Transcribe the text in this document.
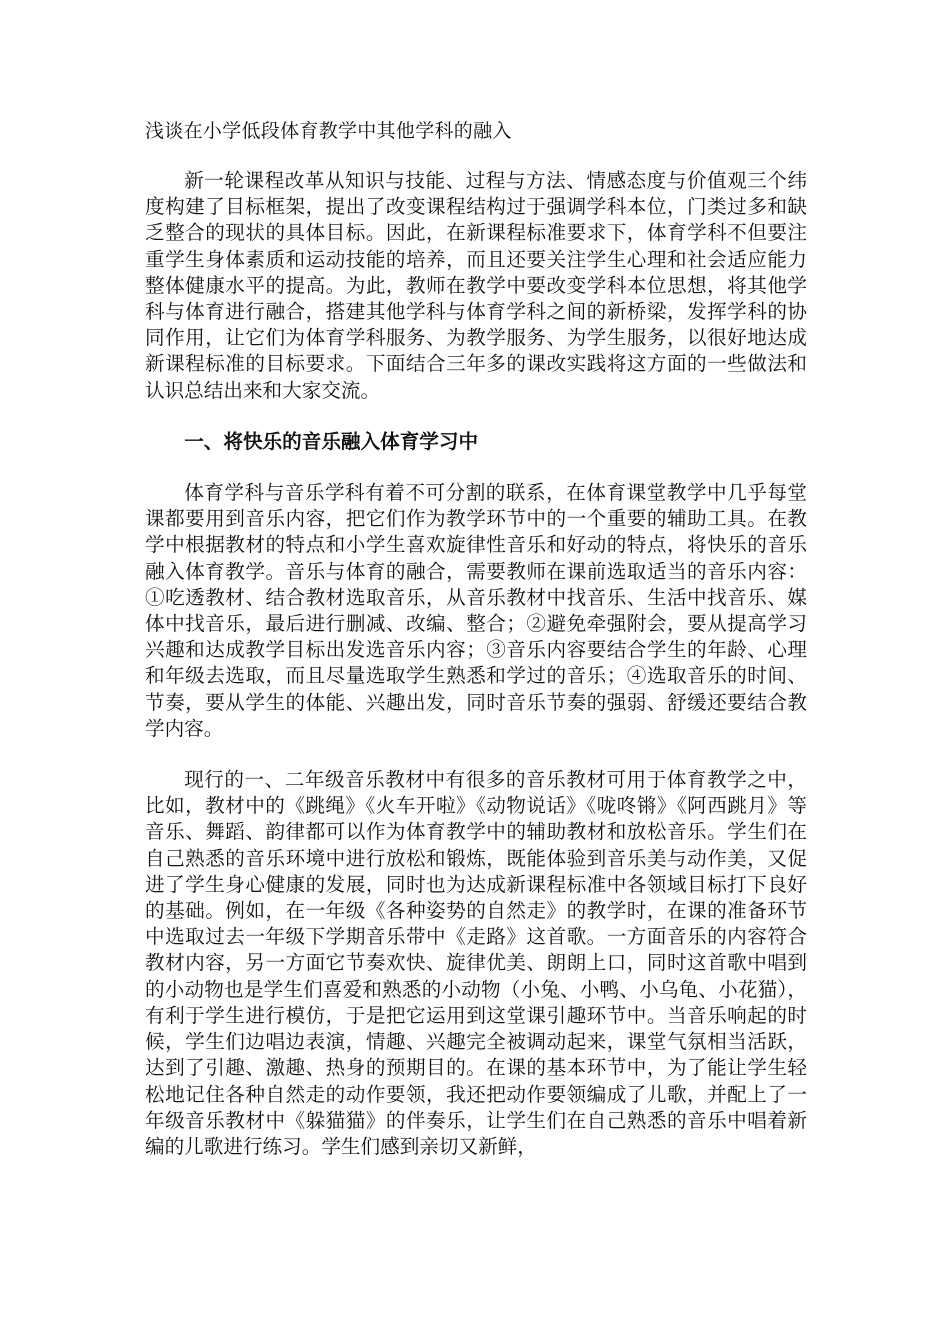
浅谈在小学低段体育教学中其他学科的融入

新一轮课程改革从知识与技能、过程与方法、情感态度与价值观三个纬度构建了目标框架，提出了改变课程结构过于强调学科本位，门类过多和缺乏整合的现状的具体目标。因此，在新课程标准要求下，体育学科不但要注重学生身体素质和运动技能的培养，而且还要关注学生心理和社会适应能力整体健康水平的提高。为此，教师在教学中要改变学科本位思想，将其他学科与体育进行融合，搭建其他学科与体育学科之间的新桥梁，发挥学科的协同作用，让它们为体育学科服务、为教学服务、为学生服务，以很好地达成新课程标准的目标要求。下面结合三年多的课改实践将这方面的一些做法和认识总结出来和大家交流。

一、将快乐的音乐融入体育学习中

体育学科与音乐学科有着不可分割的联系，在体育课堂教学中几乎每堂课都要用到音乐内容，把它们作为教学环节中的一个重要的辅助工具。在教学中根据教材的特点和小学生喜欢旋律性音乐和好动的特点，将快乐的音乐融入体育教学。音乐与体育的融合，需要教师在课前选取适当的音乐内容：①吃透教材、结合教材选取音乐，从音乐教材中找音乐、生活中找音乐、媒体中找音乐，最后进行删减、改编、整合；②避免牵强附会，要从提高学习兴趣和达成教学目标出发选音乐内容；③音乐内容要结合学生的年龄、心理和年级去选取，而且尽量选取学生熟悉和学过的音乐；④选取音乐的时间、节奏，要从学生的体能、兴趣出发，同时音乐节奏的强弱、舒缓还要结合教学内容。

现行的一、二年级音乐教材中有很多的音乐教材可用于体育教学之中，比如，教材中的《跳绳》《火车开啦》《动物说话》《咙咚锵》《阿西跳月》等音乐、舞蹈、韵律都可以作为体育教学中的辅助教材和放松音乐。学生们在自己熟悉的音乐环境中进行放松和锻炼，既能体验到音乐美与动作美，又促进了学生身心健康的发展，同时也为达成新课程标准中各领域目标打下良好的基础。例如，在一年级《各种姿势的自然走》的教学时，在课的准备环节中选取过去一年级下学期音乐带中《走路》这首歌。一方面音乐的内容符合教材内容，另一方面它节奏欢快、旋律优美、朗朗上口，同时这首歌中唱到的小动物也是学生们喜爱和熟悉的小动物（小兔、小鸭、小乌龟、小花猫），有利于学生进行模仿，于是把它运用到这堂课引趣环节中。当音乐响起的时候，学生们边唱边表演，情趣、兴趣完全被调动起来，课堂气氛相当活跃，达到了引趣、激趣、热身的预期目的。在课的基本环节中，为了能让学生轻松地记住各种自然走的动作要领，我还把动作要领编成了儿歌，并配上了一年级音乐教材中《躲猫猫》的伴奏乐，让学生们在自己熟悉的音乐中唱着新编的儿歌进行练习。学生们感到亲切又新鲜，
